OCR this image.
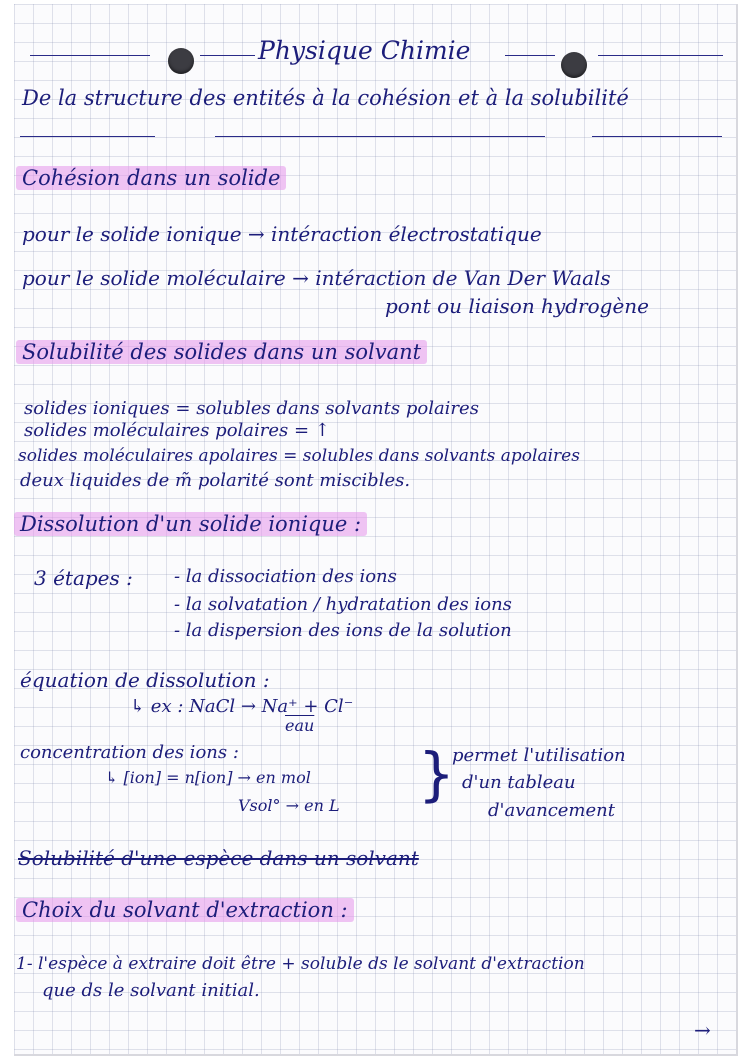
Physique Chimie
De la structure des entités à la cohésion et à la solubilité
Cohésion dans un solide
pour le solide ionique → intéraction électrostatique
pour le solide moléculaire → intéraction de Van Der Waals
pont ou liaison hydrogène
Solubilité des solides dans un solvant
solides ioniques = solubles dans solvants polaires
solides moléculaires polaires = ↑
solides moléculaires apolaires = solubles dans solvants apolaires
deux liquides de m̃ polarité sont miscibles.
Dissolution d'un solide ionique :
3 étapes : - la dissociation des ions
- la solvatation / hydratation des ions
- la dispersion des ions de la solution
équation de dissolution :
↳ ex : NaCl → Na⁺ + Cl⁻
$\overline{eau}$
concentration des ions :
↳ [ion] = n[ion] → en mol
Vsol° → en L }
permet l'utilisation
d'un tableau
d'avancement
Solubilité d'une espèce dans un solvant
Choix du solvant d'extraction :
1- l'espèce à extraire doit être + soluble ds le solvant d'extraction
que ds le solvant initial.
→
